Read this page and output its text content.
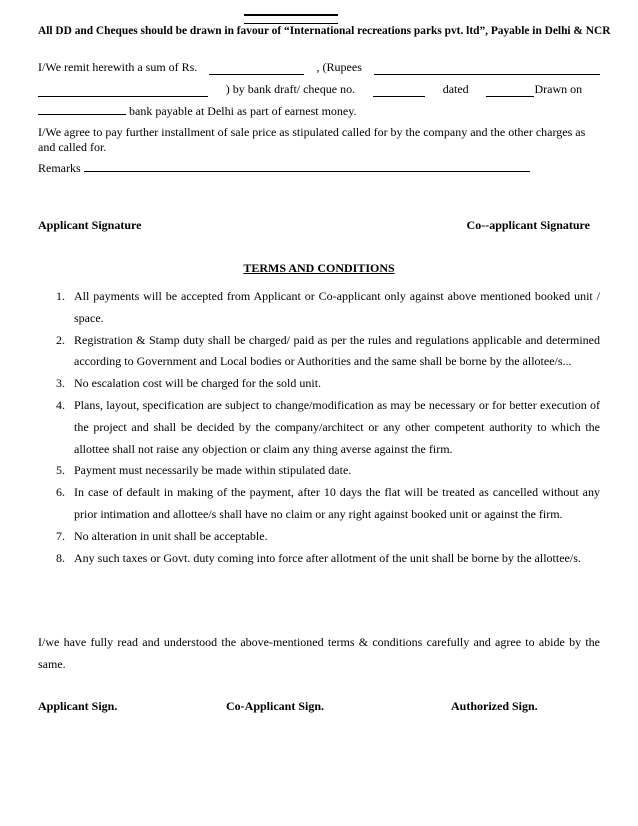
All DD and Cheques should be drawn in favour of “International recreations parks pvt. ltd”, Payable in Delhi & NCR
I/We remit herewith a sum of Rs.	, (Rupees
) by bank draft/ cheque no.	dated	Drawn on
bank payable at Delhi as part of earnest money.
I/We agree to pay further installment of sale price as stipulated called for by the company and the other charges as and called for.
Remarks
Applicant Signature	Co--applicant Signature
TERMS AND CONDITIONS
1. All payments will be accepted from Applicant or Co-applicant only against above mentioned booked unit / space.
2. Registration & Stamp duty shall be charged/ paid as per the rules and regulations applicable and determined according to Government and Local bodies or Authorities and the same shall be borne by the allotee/s...
3. No escalation cost will be charged for the sold unit.
4. Plans, layout, specification are subject to change/modification as may be necessary or for better execution of the project and shall be decided by the company/architect or any other competent authority to which the allottee shall not raise any objection or claim any thing averse against the firm.
5. Payment must necessarily be made within stipulated date.
6. In case of default in making of the payment, after 10 days the flat will be treated as cancelled without any prior intimation and allottee/s shall have no claim or any right against booked unit or against the firm.
7. No alteration in unit shall be acceptable.
8. Any such taxes or Govt. duty coming into force after allotment of the unit shall be borne by the allottee/s.
I/we have fully read and understood the above-mentioned terms & conditions carefully and agree to abide by the same.
Applicant Sign.	Co-Applicant Sign.	Authorized Sign.
